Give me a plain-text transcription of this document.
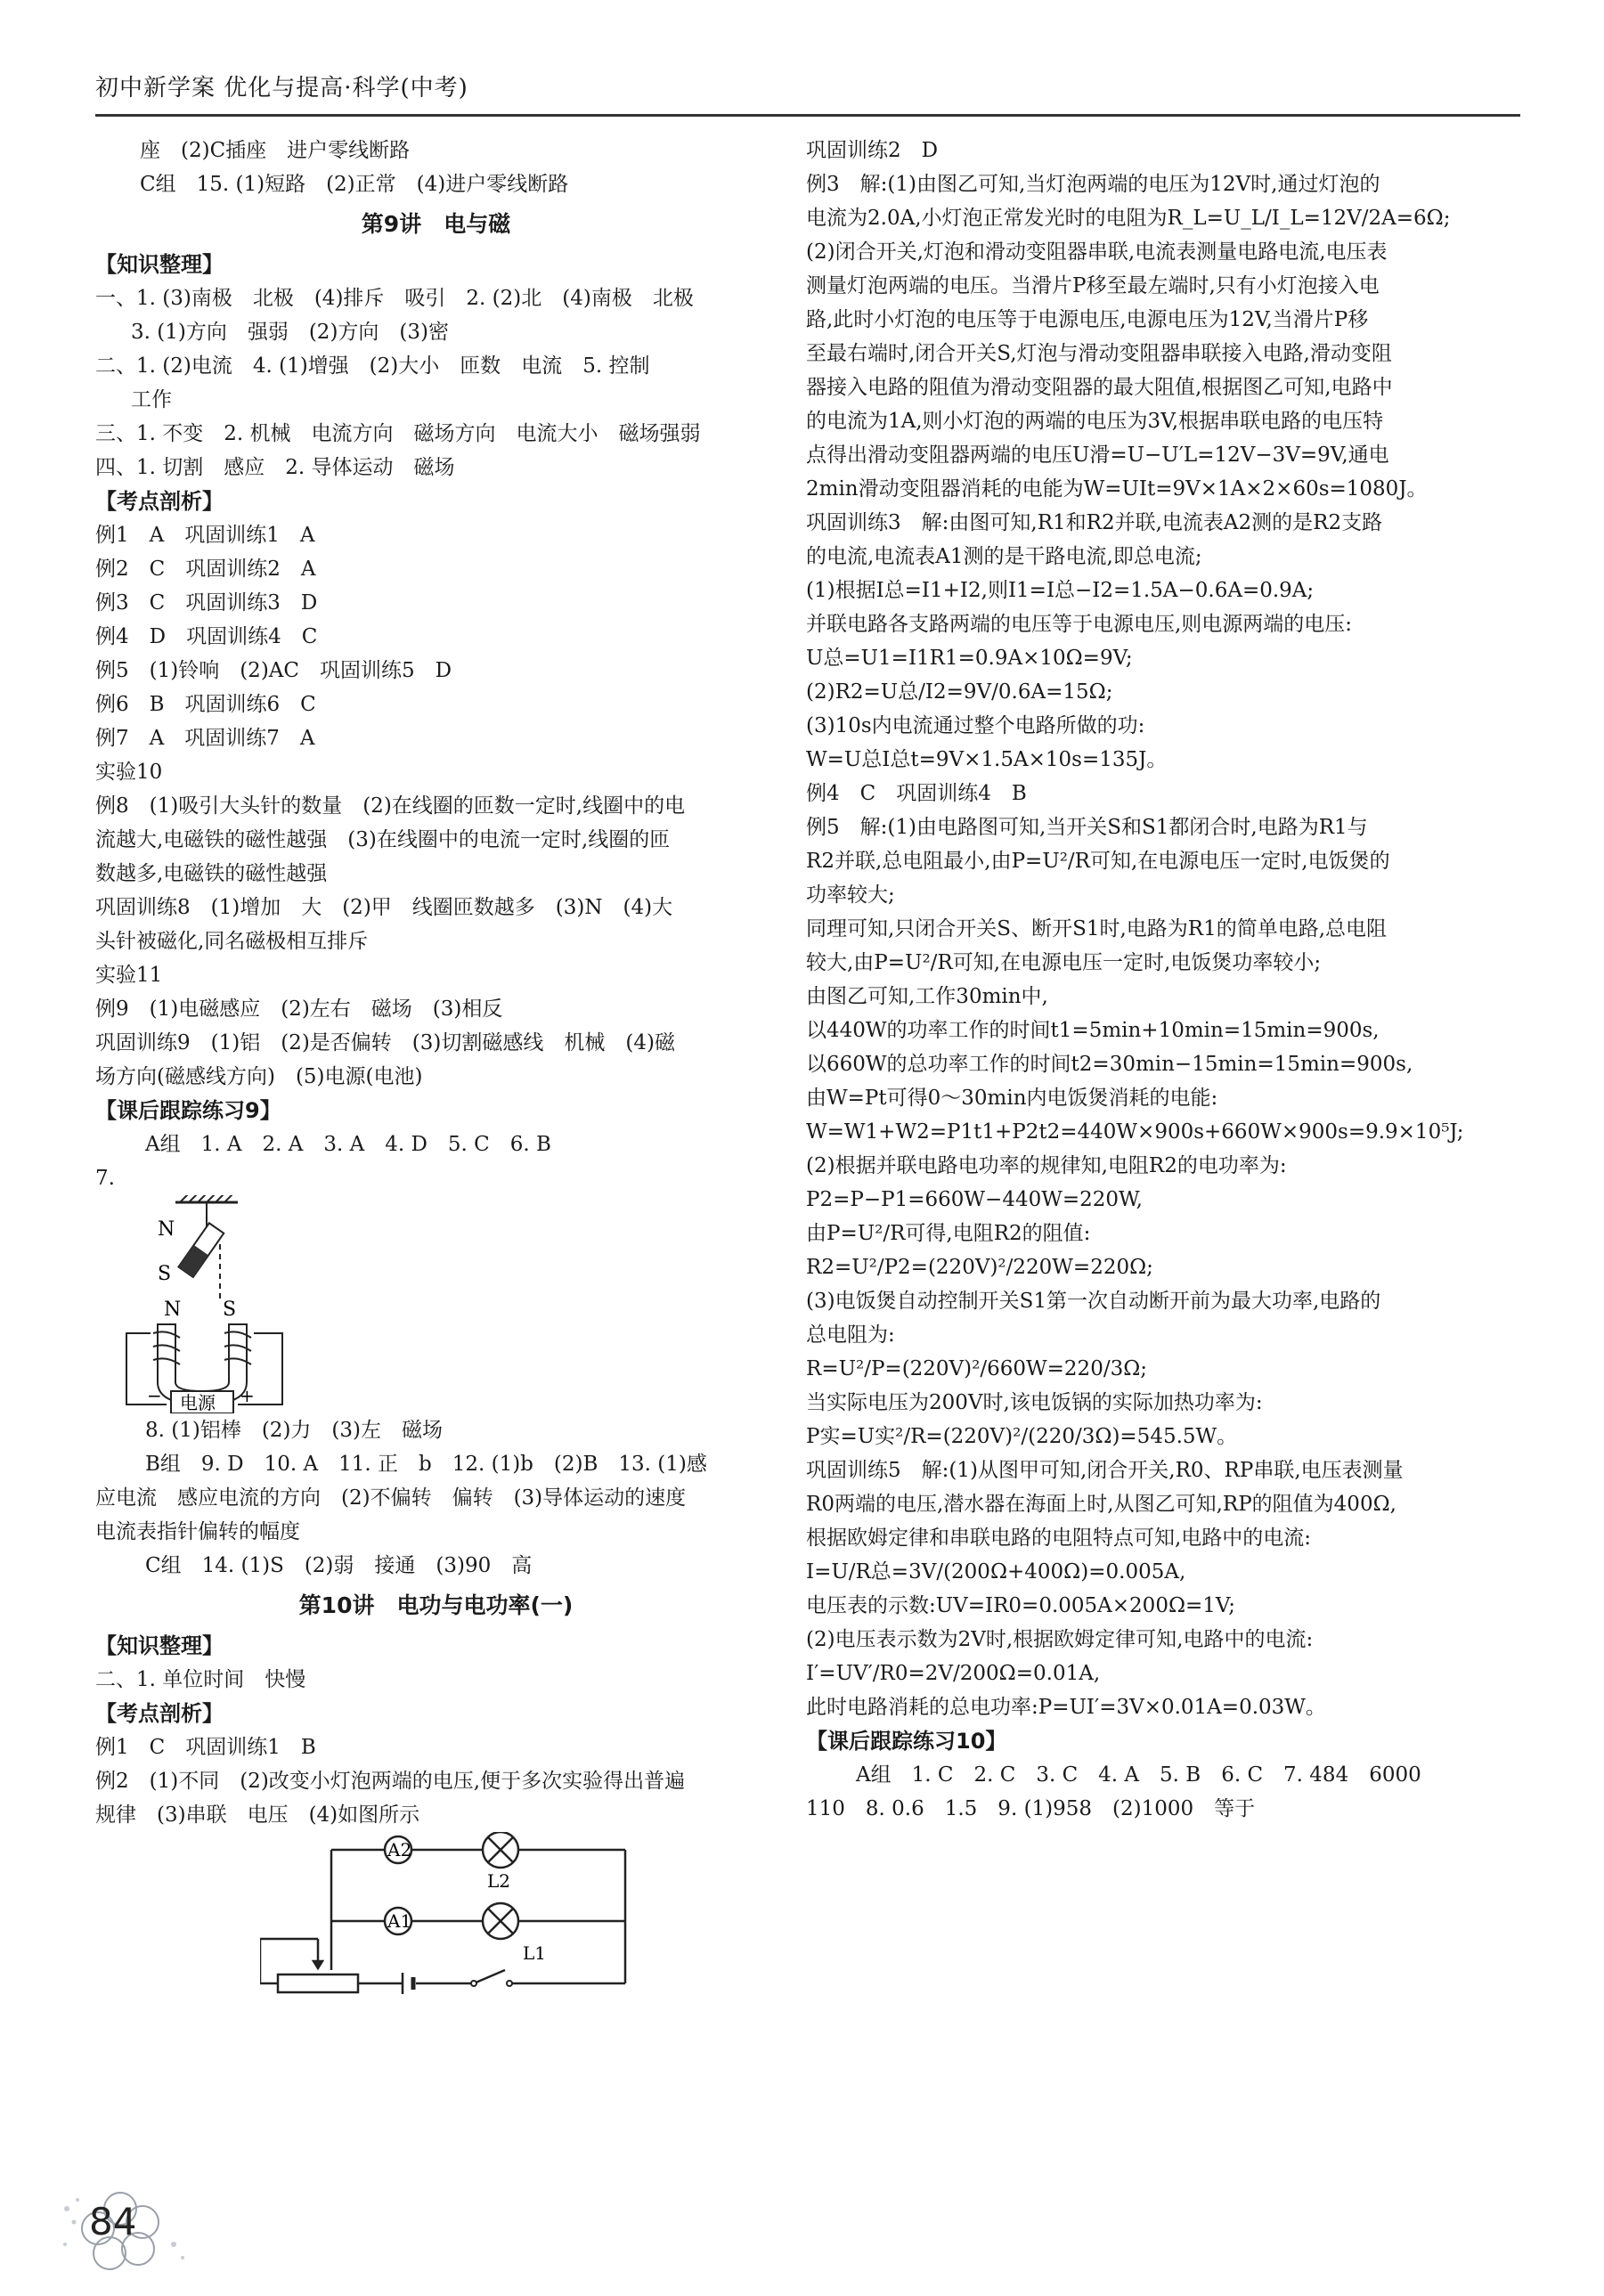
初中新学案 优化与提高·科学(中考)
座　(2)C插座　进户零线断路
C组　15. (1)短路　(2)正常　(4)进户零线断路
第9讲　电与磁
【知识整理】
一、1. (3)南极　北极　(4)排斥　吸引　2. (2)北　(4)南极　北极
3. (1)方向　强弱　(2)方向　(3)密
二、1. (2)电流　4. (1)增强　(2)大小　匝数　电流　5. 控制
工作
三、1. 不变　2. 机械　电流方向　磁场方向　电流大小　磁场强弱
四、1. 切割　感应　2. 导体运动　磁场
【考点剖析】
例1　A　巩固训练1　A
例2　C　巩固训练2　A
例3　C　巩固训练3　D
例4　D　巩固训练4　C
例5　(1)铃响　(2)AC　巩固训练5　D
例6　B　巩固训练6　C
例7　A　巩固训练7　A
实验10
例8　(1)吸引大头针的数量　(2)在线圈的匝数一定时,线圈中的电
流越大,电磁铁的磁性越强　(3)在线圈中的电流一定时,线圈的匝
数越多,电磁铁的磁性越强
巩固训练8　(1)增加　大　(2)甲　线圈匝数越多　(3)N　(4)大
头针被磁化,同名磁极相互排斥
实验11
例9　(1)电磁感应　(2)左右　磁场　(3)相反
巩固训练9　(1)铝　(2)是否偏转　(3)切割磁感线　机械　(4)磁
场方向(磁感线方向)　(5)电源(电池)
【课后跟踪练习9】
A组　1. A　2. A　3. A　4. D　5. C　6. B
7.
N
S
N S
电源
−	+
8. (1)铝棒　(2)力　(3)左　磁场
B组　9. D　10. A　11. 正　b　12. (1)b　(2)B　13. (1)感
应电流　感应电流的方向　(2)不偏转　偏转　(3)导体运动的速度
电流表指针偏转的幅度
C组　14. (1)S　(2)弱　接通　(3)90　高
第10讲　电功与电功率(一)
【知识整理】
二、1. 单位时间　快慢
【考点剖析】
例1　C　巩固训练1　B
例2　(1)不同　(2)改变小灯泡两端的电压,便于多次实验得出普遍
规律　(3)串联　电压　(4)如图所示
A2
A1
L2
L1
巩固训练2　D
例3　解:(1)由图乙可知,当灯泡两端的电压为12V时,通过灯泡的
电流为2.0A,小灯泡正常发光时的电阻为R_L=U_L/I_L=12V/2A=6Ω;
(2)闭合开关,灯泡和滑动变阻器串联,电流表测量电路电流,电压表
测量灯泡两端的电压。当滑片P移至最左端时,只有小灯泡接入电
路,此时小灯泡的电压等于电源电压,电源电压为12V,当滑片P移
至最右端时,闭合开关S,灯泡与滑动变阻器串联接入电路,滑动变阻
器接入电路的阻值为滑动变阻器的最大阻值,根据图乙可知,电路中
的电流为1A,则小灯泡的两端的电压为3V,根据串联电路的电压特
点得出滑动变阻器两端的电压U滑=U−U′L=12V−3V=9V,通电
2min滑动变阻器消耗的电能为W=UIt=9V×1A×2×60s=1080J。
巩固训练3　解:由图可知,R1和R2并联,电流表A2测的是R2支路
的电流,电流表A1测的是干路电流,即总电流;
(1)根据I总=I1+I2,则I1=I总−I2=1.5A−0.6A=0.9A;
并联电路各支路两端的电压等于电源电压,则电源两端的电压:
U总=U1=I1R1=0.9A×10Ω=9V;
(2)R2=U总/I2=9V/0.6A=15Ω;
(3)10s内电流通过整个电路所做的功:
W=U总I总t=9V×1.5A×10s=135J。
例4　C　巩固训练4　B
例5　解:(1)由电路图可知,当开关S和S1都闭合时,电路为R1与
R2并联,总电阻最小,由P=U²/R可知,在电源电压一定时,电饭煲的
功率较大;
同理可知,只闭合开关S、断开S1时,电路为R1的简单电路,总电阻
较大,由P=U²/R可知,在电源电压一定时,电饭煲功率较小;
由图乙可知,工作30min中,
以440W的功率工作的时间t1=5min+10min=15min=900s,
以660W的总功率工作的时间t2=30min−15min=15min=900s,
由W=Pt可得0～30min内电饭煲消耗的电能:
W=W1+W2=P1t1+P2t2=440W×900s+660W×900s=9.9×10⁵J;
(2)根据并联电路电功率的规律知,电阻R2的电功率为:
P2=P−P1=660W−440W=220W,
由P=U²/R可得,电阻R2的阻值:
R2=U²/P2=(220V)²/220W=220Ω;
(3)电饭煲自动控制开关S1第一次自动断开前为最大功率,电路的
总电阻为:
R=U²/P=(220V)²/660W=220/3Ω;
当实际电压为200V时,该电饭锅的实际加热功率为:
P实=U实²/R=(220V)²/(220/3Ω)=545.5W。
巩固训练5　解:(1)从图甲可知,闭合开关,R0、RP串联,电压表测量
R0两端的电压,潜水器在海面上时,从图乙可知,RP的阻值为400Ω,
根据欧姆定律和串联电路的电阻特点可知,电路中的电流:
I=U/R总=3V/(200Ω+400Ω)=0.005A,
电压表的示数:UV=IR0=0.005A×200Ω=1V;
(2)电压表示数为2V时,根据欧姆定律可知,电路中的电流:
I′=UV′/R0=2V/200Ω=0.01A,
此时电路消耗的总电功率:P=UI′=3V×0.01A=0.03W。
【课后跟踪练习10】
A组　1. C　2. C　3. C　4. A　5. B　6. C　7. 484　6000
110　8. 0.6　1.5　9. (1)958　(2)1000　等于
84
